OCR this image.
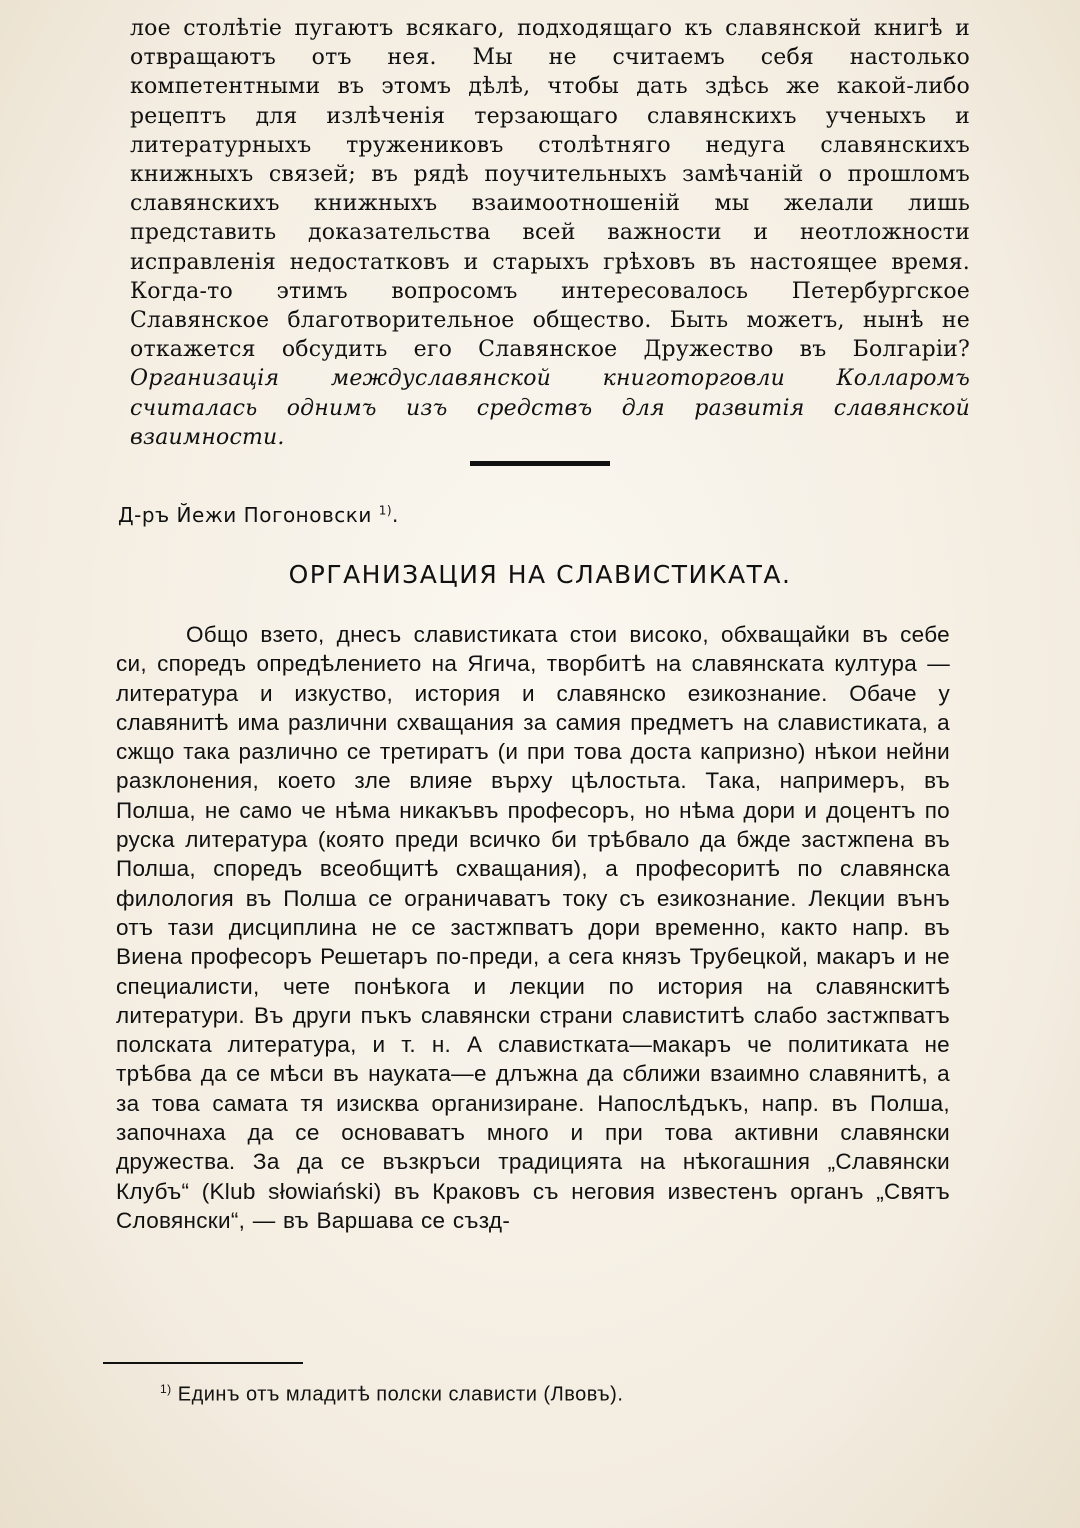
лое столѣтіе пугаютъ всякаго, подходящаго къ славянской книгѣ и отвращаютъ отъ нея. Мы не считаемъ себя настолько компетентными въ этомъ дѣлѣ, чтобы дать здѣсь же какой-либо рецептъ для излѣченія терзающаго славянскихъ ученыхъ и литературныхъ тружениковъ столѣтняго недуга славянскихъ книжныхъ связей; въ рядѣ поучительныхъ замѣчаній о прошломъ славянскихъ книжныхъ взаимоотношеній мы желали лишь представить доказательства всей важности и неотложности исправленія недостатковъ и старыхъ грѣховъ въ настоящее время. Когда-то этимъ вопросомъ интересовалось Петербургское Славянское благотворительное общество. Быть можетъ, нынѣ не откажется обсудить его Славянское Дружество въ Болгаріи? Организація междуславянской книготорговли Колларомъ считалась однимъ изъ средствъ для развитія славянской взаимности.

Д-ръ Йежи Погоновски $^{1)}$.
ОРГАНИЗАЦИЯ НА СЛАВИСТИКАТА.

Общо взето, днесъ славистиката стои високо, обхващайки въ себе си, споредъ опредѣлението на Ягича, творбитѣ на славянската култура — литература и изкуство, история и славянско езикознание. Обаче у славянитѣ има различни схващания за самия предметъ на славистиката, а сжщо така различно се третиратъ (и при това доста капризно) нѣкои нейни разклонения, което зле влияе върху цѣлостьта. Така, напримеръ, въ Полша, не само че нѣма никакъвъ професоръ, но нѣма дори и доцентъ по руска литература (която преди всичко би трѣбвало да бжде застжпена въ Полша, споредъ всеобщитѣ схващания), а професоритѣ по славянска филология въ Полша се ограничаватъ току съ езикознание. Лекции вънъ отъ тази дисциплина не се застжпватъ дори временно, както напр. въ Виена професоръ Решетаръ по-преди, а сега князъ Трубецкой, макаръ и не специалисти, чете понѣкога и лекции по история на славянскитѣ литератури. Въ други пъкъ славянски страни славиститѣ слабо застжпватъ полската литература, и т. н. А славистката—макаръ че политиката не трѣбва да се мѣси въ науката—е длъжна да сближи взаимно славянитѣ, а за това самата тя изисква организиране. Напослѣдъкъ, напр. въ Полша, започнаха да се основаватъ много и при това активни славянски дружества. За да се възкръси традицията на нѣкогашния „Славянски Клубъ“ (Klub słowiański) въ Краковъ съ неговия известенъ органъ „Святъ Словянски“, — въ Варшава се създ-

$^{1)}$ Единъ отъ младитѣ полски слависти (Лвовъ).
